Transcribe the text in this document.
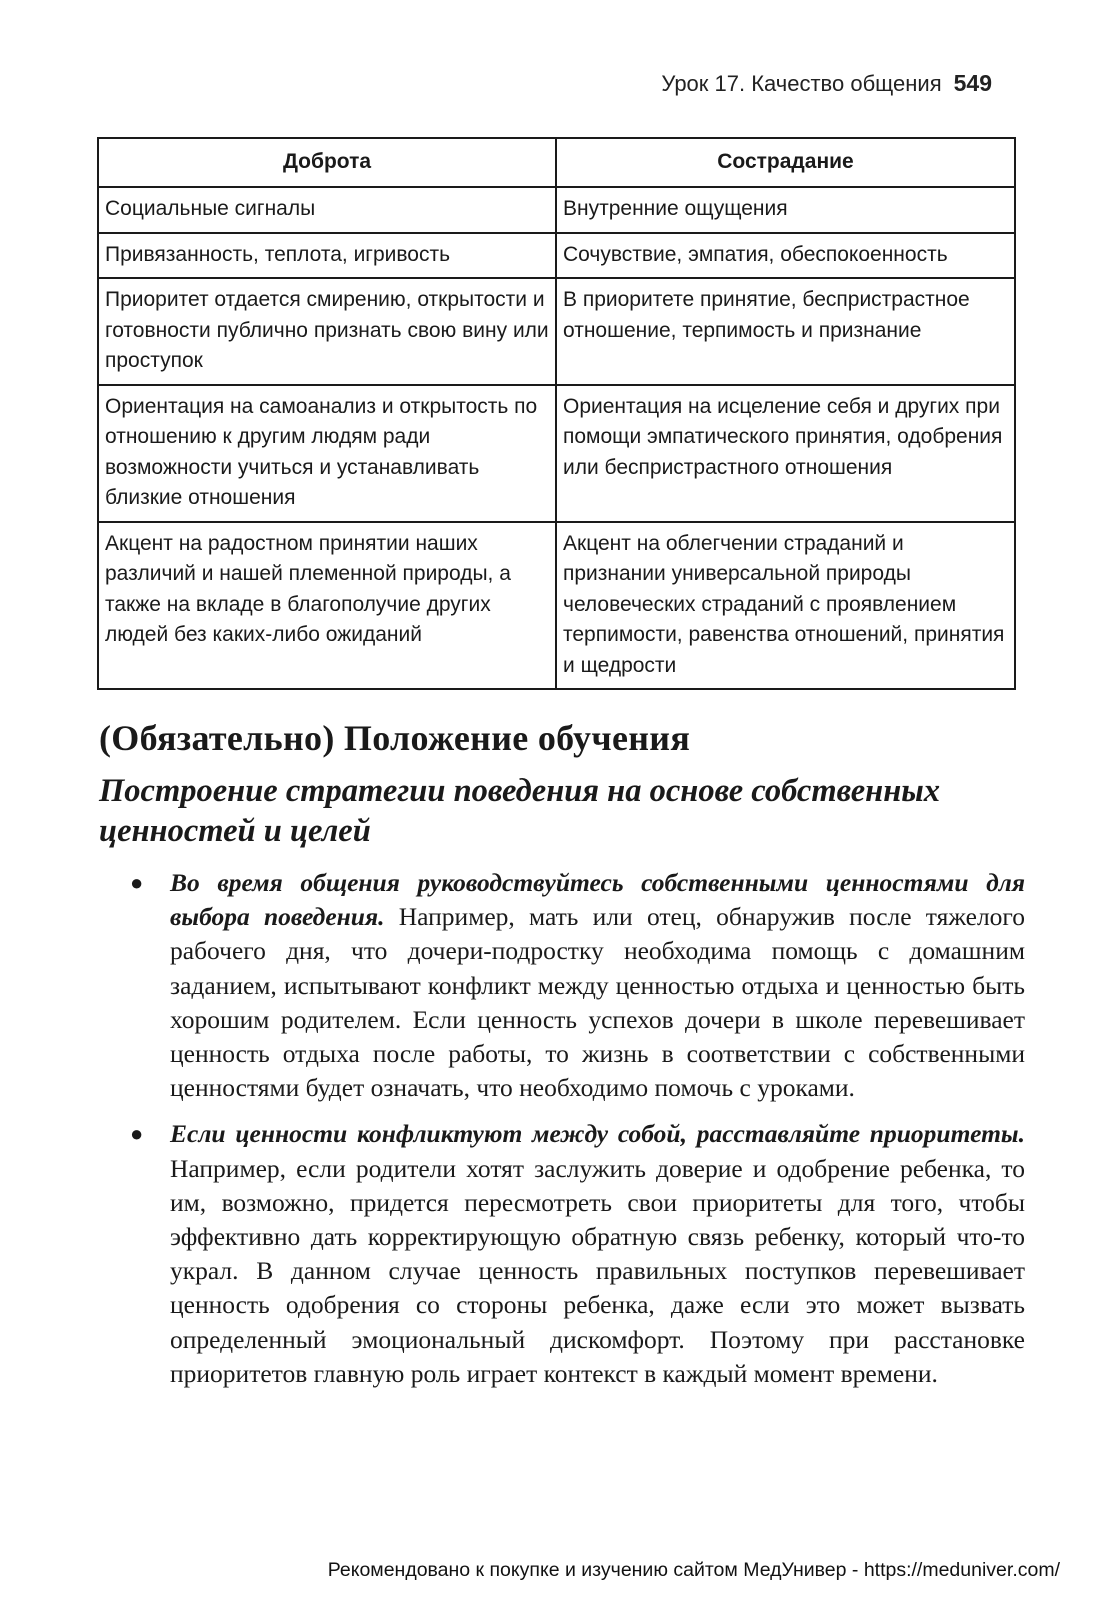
Урок 17. Качество общения 549
Доброта	Сострадание
Социальные сигналы	Внутренние ощущения
Привязанность, теплота, игривость	Сочувствие, эмпатия, обеспокоенность
Приоритет отдается смирению, открытости и готовности публично признать свою вину или проступок	В приоритете принятие, беспристрастное отношение, терпимость и признание
Ориентация на самоанализ и открытость по отношению к другим людям ради возможности учиться и устанавливать близкие отношения	Ориентация на исцеление себя и других при помощи эмпатического принятия, одобрения или беспристрастного отношения
Акцент на радостном принятии наших различий и нашей племенной природы, а также на вкладе в благополучие других людей без каких-либо ожиданий	Акцент на облегчении страданий и признании универсальной природы человеческих страданий с проявлением терпимости, равенства отношений, принятия и щедрости
(Обязательно) Положение обучения
Построение стратегии поведения на основе собственных ценностей и целей
● Во время общения руководствуйтесь собственными ценностями для выбора поведения. Например, мать или отец, обнаружив после тяжелого рабочего дня, что дочери-подростку необходима помощь с домашним заданием, испытывают конфликт между ценностью отдыха и ценностью быть хорошим родителем. Если ценность успехов дочери в школе перевешивает ценность отдыха после работы, то жизнь в соответствии с собственными ценностями будет означать, что необходимо помочь с уроками.
● Если ценности конфликтуют между собой, расставляйте приоритеты. Например, если родители хотят заслужить доверие и одобрение ребенка, то им, возможно, придется пересмотреть свои приоритеты для того, чтобы эффективно дать корректирующую обратную связь ребенку, который что-то украл. В данном случае ценность правильных поступков перевешивает ценность одобрения со стороны ребенка, даже если это может вызвать определенный эмоциональный дискомфорт. Поэтому при расстановке приоритетов главную роль играет контекст в каждый момент времени.
Рекомендовано к покупке и изучению сайтом МедУнивер - https://meduniver.com/
